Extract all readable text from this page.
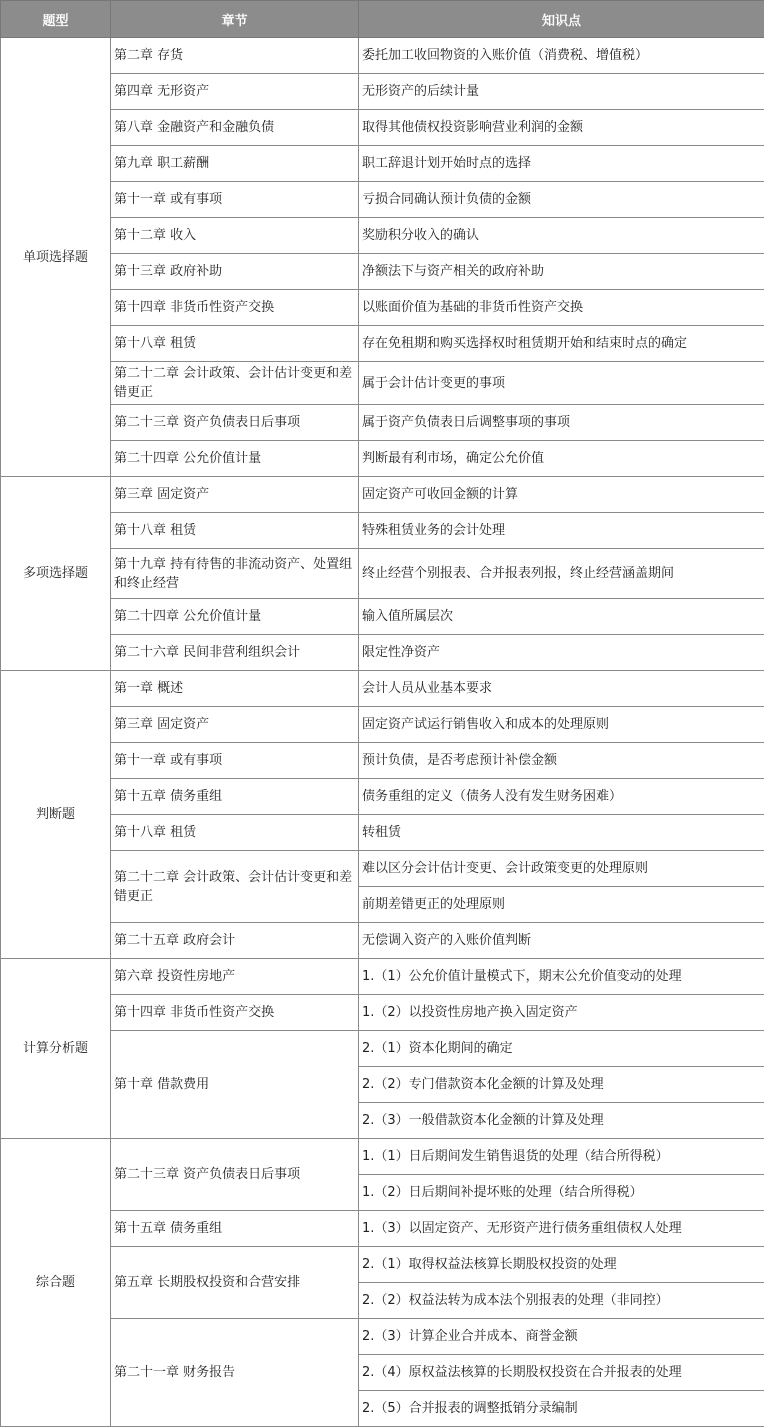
题型	章节	知识点
单项选择题	第二章 存货	委托加工收回物资的入账价值（消费税、增值税）
	第四章 无形资产	无形资产的后续计量
	第八章 金融资产和金融负债	取得其他债权投资影响营业利润的金额
	第九章 职工薪酬	职工辞退计划开始时点的选择
	第十一章 或有事项	亏损合同确认预计负债的金额
	第十二章 收入	奖励积分收入的确认
	第十三章 政府补助	净额法下与资产相关的政府补助
	第十四章 非货币性资产交换	以账面价值为基础的非货币性资产交换
	第十八章 租赁	存在免租期和购买选择权时租赁期开始和结束时点的确定
	第二十二章 会计政策、会计估计变更和差错更正	属于会计估计变更的事项
	第二十三章 资产负债表日后事项	属于资产负债表日后调整事项的事项
	第二十四章 公允价值计量	判断最有利市场，确定公允价值
多项选择题	第三章 固定资产	固定资产可收回金额的计算
	第十八章 租赁	特殊租赁业务的会计处理
	第十九章 持有待售的非流动资产、处置组和终止经营	终止经营个别报表、合并报表列报，终止经营涵盖期间
	第二十四章 公允价值计量	输入值所属层次
	第二十六章 民间非营利组织会计	限定性净资产
判断题	第一章 概述	会计人员从业基本要求
	第三章 固定资产	固定资产试运行销售收入和成本的处理原则
	第十一章 或有事项	预计负债，是否考虑预计补偿金额
	第十五章 债务重组	债务重组的定义（债务人没有发生财务困难）
	第十八章 租赁	转租赁
	第二十二章 会计政策、会计估计变更和差错更正	难以区分会计估计变更、会计政策变更的处理原则
		前期差错更正的处理原则
	第二十五章 政府会计	无偿调入资产的入账价值判断
计算分析题	第六章 投资性房地产	1.（1）公允价值计量模式下，期末公允价值变动的处理
	第十四章 非货币性资产交换	1.（2）以投资性房地产换入固定资产
	第十章 借款费用	2.（1）资本化期间的确定
		2.（2）专门借款资本化金额的计算及处理
		2.（3）一般借款资本化金额的计算及处理
综合题	第二十三章 资产负债表日后事项	1.（1）日后期间发生销售退货的处理（结合所得税）
		1.（2）日后期间补提坏账的处理（结合所得税）
	第十五章 债务重组	1.（3）以固定资产、无形资产进行债务重组债权人处理
	第五章 长期股权投资和合营安排	2.（1）取得权益法核算长期股权投资的处理
		2.（2）权益法转为成本法个别报表的处理（非同控）
	第二十一章 财务报告	2.（3）计算企业合并成本、商誉金额
		2.（4）原权益法核算的长期股权投资在合并报表的处理
		2.（5）合并报表的调整抵销分录编制
